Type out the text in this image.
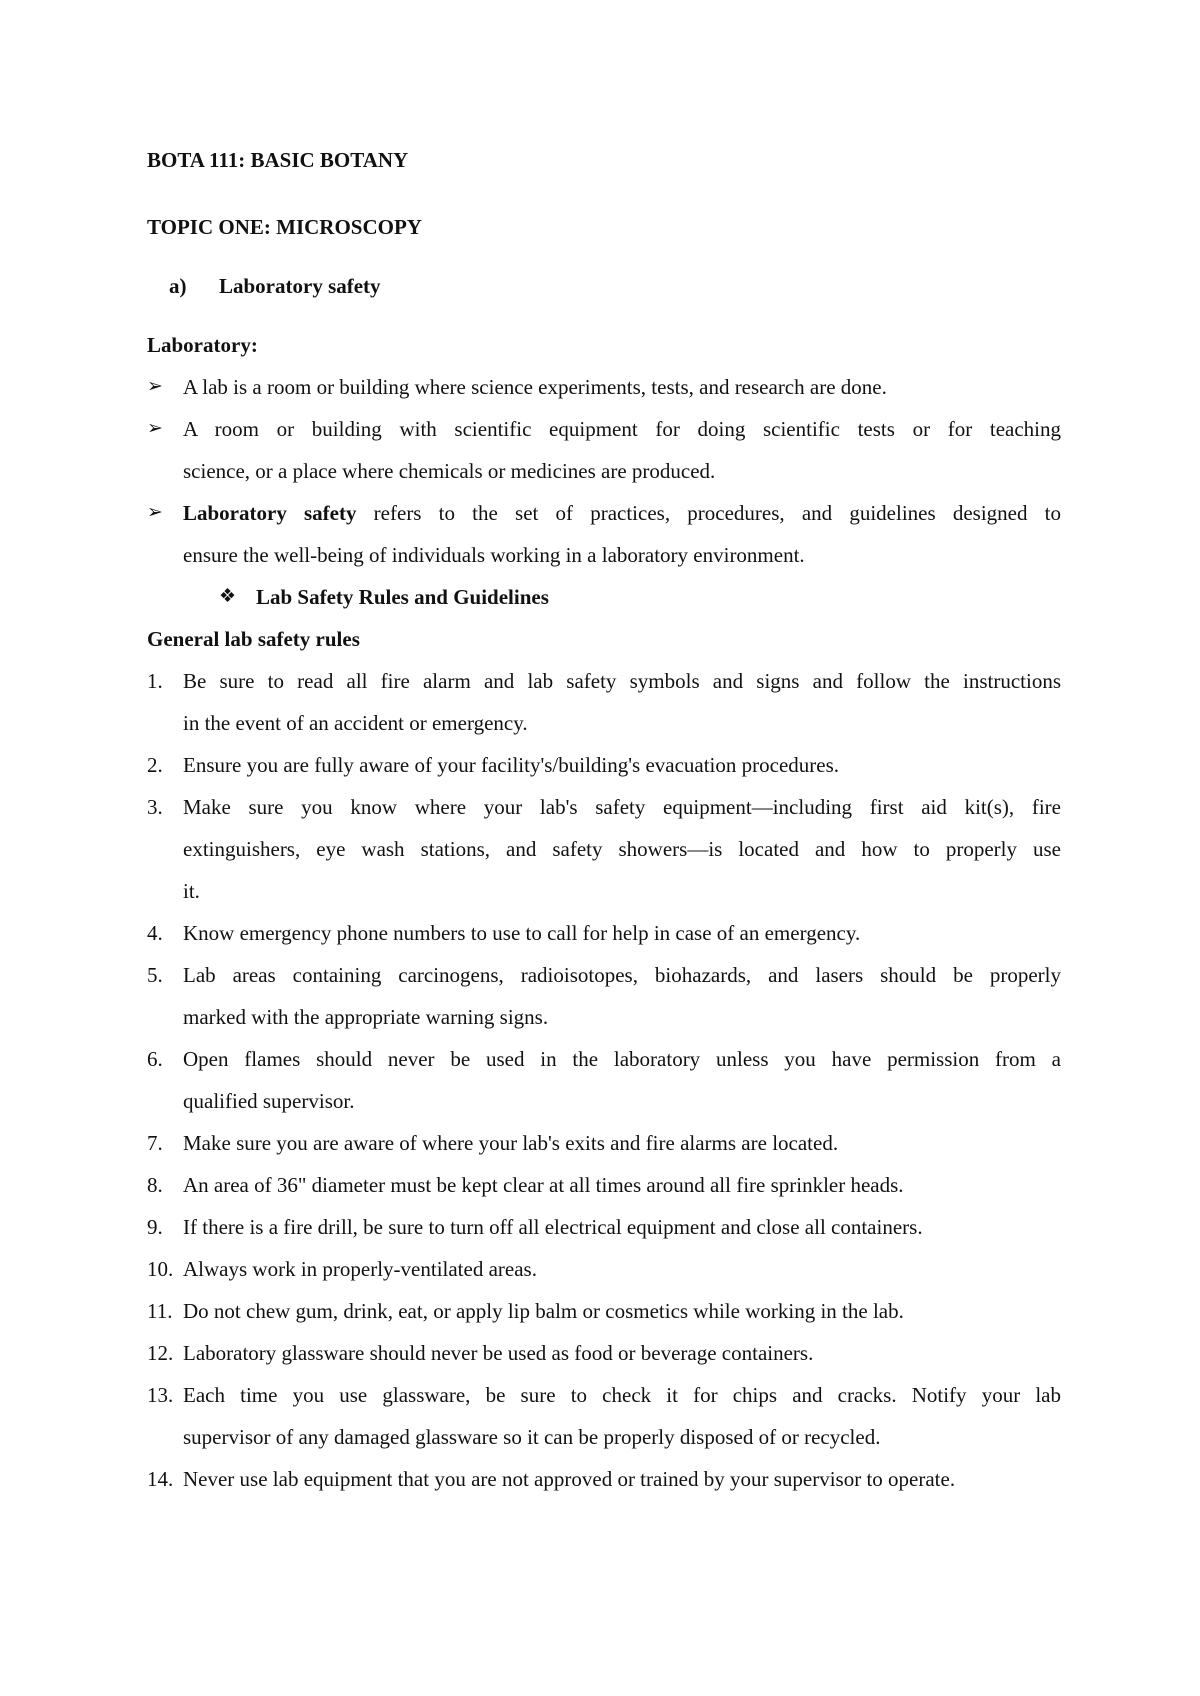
BOTA 111: BASIC BOTANY
TOPIC ONE: MICROSCOPY
a) Laboratory safety
Laboratory:
➢ A lab is a room or building where science experiments, tests, and research are done.
➢ A room or building with scientific equipment for doing scientific tests or for teaching
science, or a place where chemicals or medicines are produced.
➢ Laboratory safety refers to the set of practices, procedures, and guidelines designed to
ensure the well-being of individuals working in a laboratory environment.
❖ Lab Safety Rules and Guidelines
General lab safety rules
1. Be sure to read all fire alarm and lab safety symbols and signs and follow the instructions
in the event of an accident or emergency.
2. Ensure you are fully aware of your facility's/building's evacuation procedures.
3. Make sure you know where your lab's safety equipment—including first aid kit(s), fire
extinguishers, eye wash stations, and safety showers—is located and how to properly use
it.
4. Know emergency phone numbers to use to call for help in case of an emergency.
5. Lab areas containing carcinogens, radioisotopes, biohazards, and lasers should be properly
marked with the appropriate warning signs.
6. Open flames should never be used in the laboratory unless you have permission from a
qualified supervisor.
7. Make sure you are aware of where your lab's exits and fire alarms are located.
8. An area of 36" diameter must be kept clear at all times around all fire sprinkler heads.
9. If there is a fire drill, be sure to turn off all electrical equipment and close all containers.
10. Always work in properly-ventilated areas.
11. Do not chew gum, drink, eat, or apply lip balm or cosmetics while working in the lab.
12. Laboratory glassware should never be used as food or beverage containers.
13. Each time you use glassware, be sure to check it for chips and cracks. Notify your lab
supervisor of any damaged glassware so it can be properly disposed of or recycled.
14. Never use lab equipment that you are not approved or trained by your supervisor to operate.
